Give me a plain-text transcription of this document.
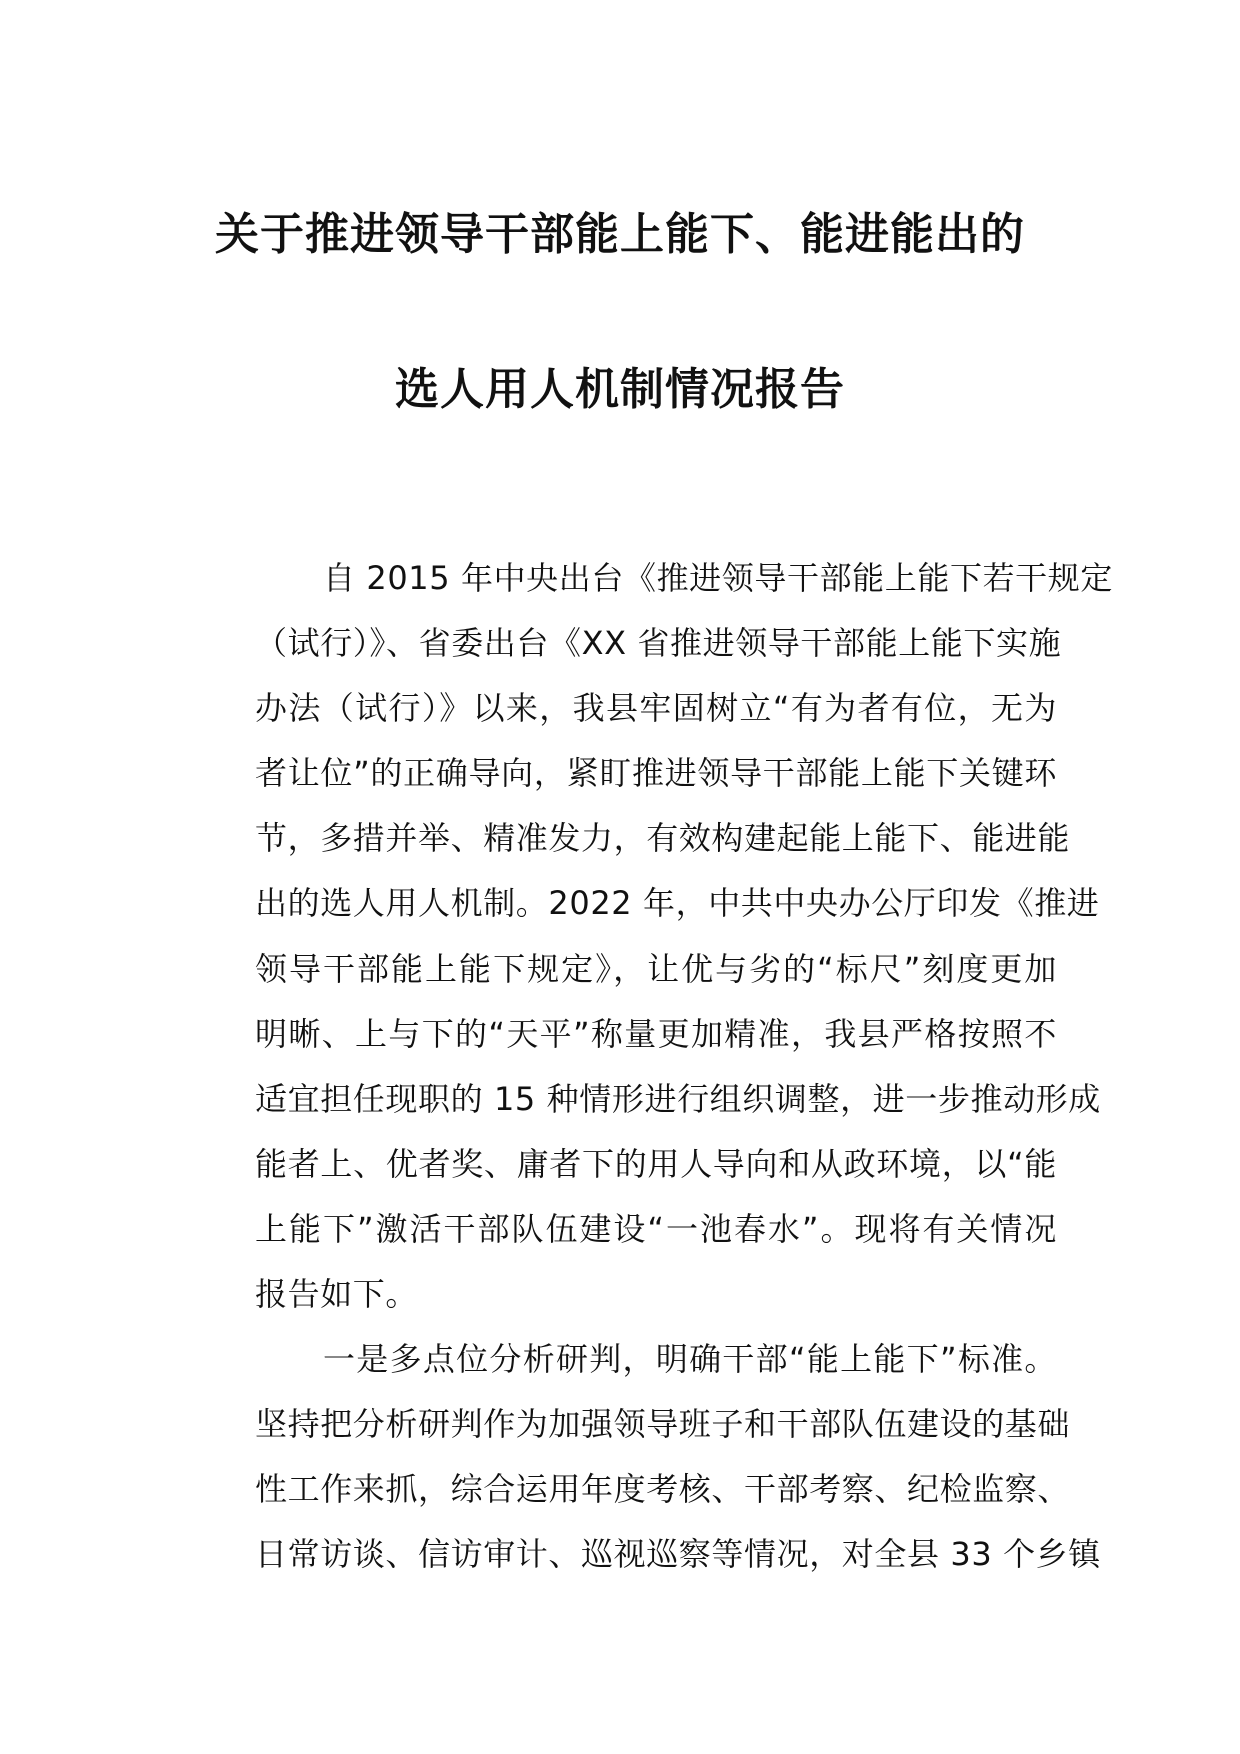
关于推进领导干部能上能下、能进能出的
选人用人机制情况报告
自 2015 年中央出台《推进领导干部能上能下若干规定
（试行）》、省委出台《XX 省推进领导干部能上能下实施
办法（试行）》以来，我县牢固树立“有为者有位，无为
者让位”的正确导向，紧盯推进领导干部能上能下关键环
节，多措并举、精准发力，有效构建起能上能下、能进能
出的选人用人机制。2022 年，中共中央办公厅印发《推进
领导干部能上能下规定》，让优与劣的“标尺”刻度更加
明晰、上与下的“天平”称量更加精准，我县严格按照不
适宜担任现职的 15 种情形进行组织调整，进一步推动形成
能者上、优者奖、庸者下的用人导向和从政环境，以“能
上能下”激活干部队伍建设“一池春水”。现将有关情况
报告如下。
一是多点位分析研判，明确干部“能上能下”标准。
坚持把分析研判作为加强领导班子和干部队伍建设的基础
性工作来抓，综合运用年度考核、干部考察、纪检监察、
日常访谈、信访审计、巡视巡察等情况，对全县 33 个乡镇
